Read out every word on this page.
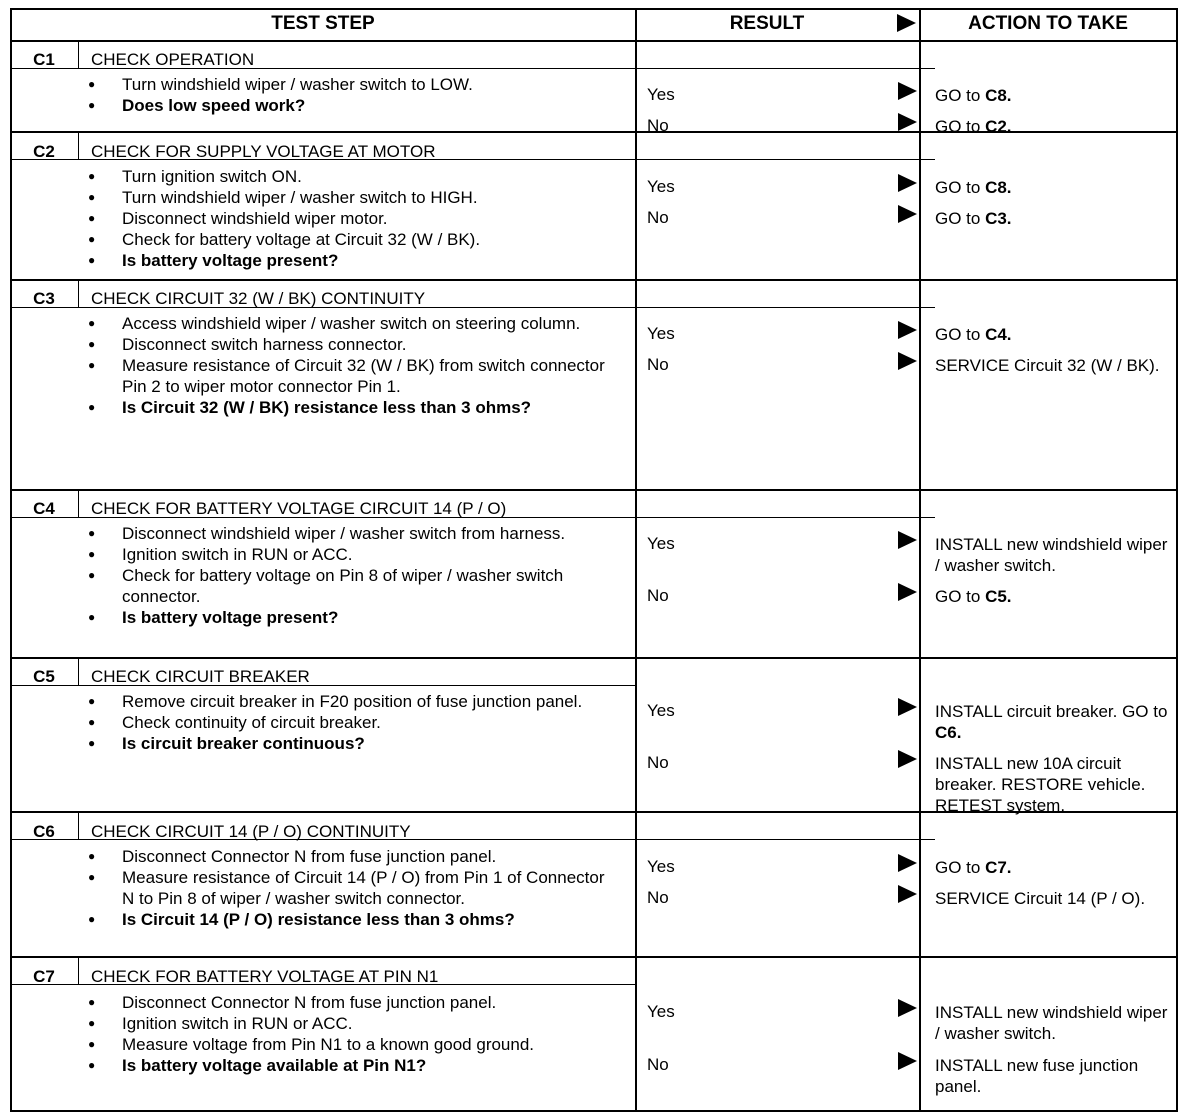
TEST STEP	RESULT	ACTION TO TAKE
C1	CHECK OPERATION
● Turn windshield wiper / washer switch to LOW.
● Does low speed work?
Yes	GO to C8.
No	GO to C2.
C2	CHECK FOR SUPPLY VOLTAGE AT MOTOR
● Turn ignition switch ON.
● Turn windshield wiper / washer switch to HIGH.
● Disconnect windshield wiper motor.
● Check for battery voltage at Circuit 32 (W / BK).
● Is battery voltage present?
Yes	GO to C8.
No	GO to C3.
C3	CHECK CIRCUIT 32 (W / BK) CONTINUITY
● Access windshield wiper / washer switch on steering column.
● Disconnect switch harness connector.
● Measure resistance of Circuit 32 (W / BK) from switch connector Pin 2 to wiper motor connector Pin 1.
● Is Circuit 32 (W / BK) resistance less than 3 ohms?
Yes	GO to C4.
No	SERVICE Circuit 32 (W / BK).
C4	CHECK FOR BATTERY VOLTAGE CIRCUIT 14 (P / O)
● Disconnect windshield wiper / washer switch from harness.
● Ignition switch in RUN or ACC.
● Check for battery voltage on Pin 8 of wiper / washer switch connector.
● Is battery voltage present?
Yes	INSTALL new windshield wiper / washer switch.
No	GO to C5.
C5	CHECK CIRCUIT BREAKER
● Remove circuit breaker in F20 position of fuse junction panel.
● Check continuity of circuit breaker.
● Is circuit breaker continuous?
Yes	INSTALL circuit breaker. GO to C6.
No	INSTALL new 10A circuit breaker. RESTORE vehicle. RETEST system.
C6	CHECK CIRCUIT 14 (P / O) CONTINUITY
● Disconnect Connector N from fuse junction panel.
● Measure resistance of Circuit 14 (P / O) from Pin 1 of Connector N to Pin 8 of wiper / washer switch connector.
● Is Circuit 14 (P / O) resistance less than 3 ohms?
Yes	GO to C7.
No	SERVICE Circuit 14 (P / O).
C7	CHECK FOR BATTERY VOLTAGE AT PIN N1
● Disconnect Connector N from fuse junction panel.
● Ignition switch in RUN or ACC.
● Measure voltage from Pin N1 to a known good ground.
● Is battery voltage available at Pin N1?
Yes	INSTALL new windshield wiper / washer switch.
No	INSTALL new fuse junction panel.
